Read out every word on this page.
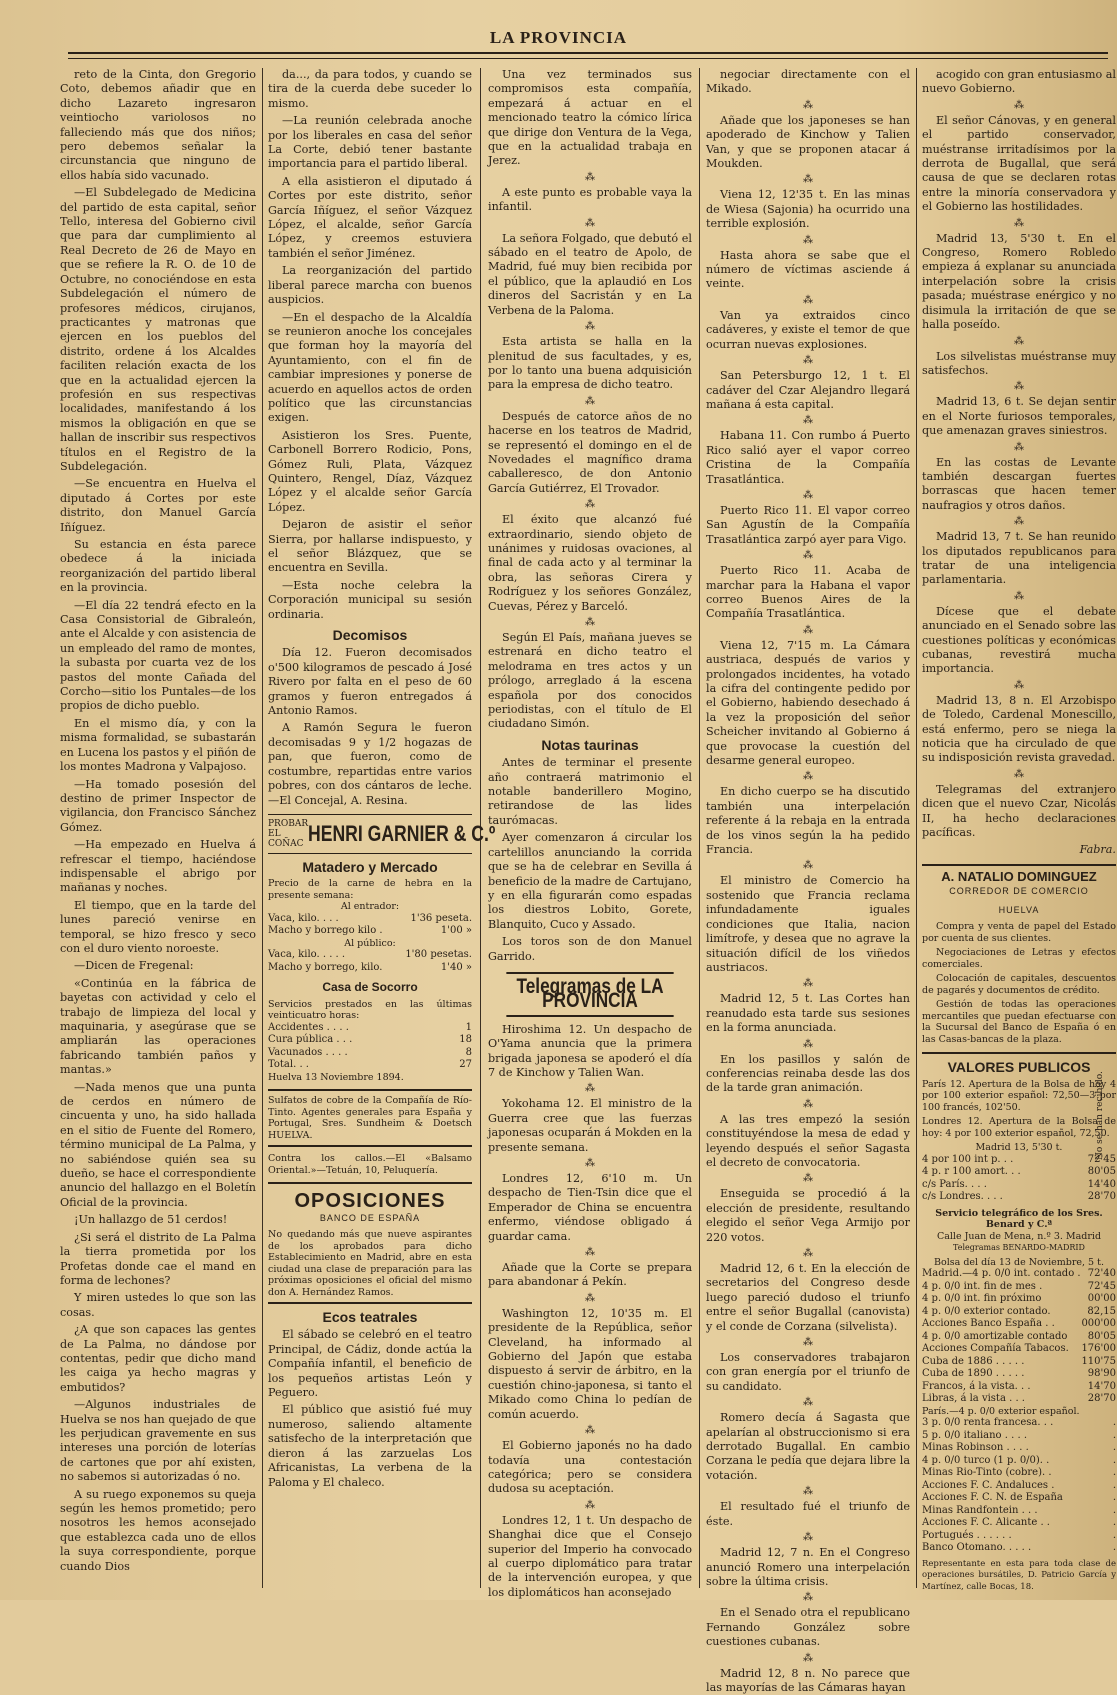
LA PROVINCIA

reto de la Cinta, don Gregorio Coto, debemos añadir que en dicho Lazareto ingresaron veintiocho variolosos no falleciendo más que dos niños; pero debemos señalar la circunstancia que ninguno de ellos había sido vacunado.

—El Subdelegado de Medicina del partido de esta capital, señor Tello, interesa del Gobierno civil que para dar cumplimiento al Real Decreto de 26 de Mayo en que se refiere la R. O. de 10 de Octubre, no conociéndose en esta Subdelegación el número de profesores médicos, cirujanos, practicantes y matronas que ejercen en los pueblos del distrito, ordene á los Alcaldes faciliten relación exacta de los que en la actualidad ejercen la profesión en sus respectivas localidades, manifestando á los mismos la obligación en que se hallan de inscribir sus respectivos títulos en el Registro de la Subdelegación.

—Se encuentra en Huelva el diputado á Cortes por este distrito, don Manuel García Iñíguez.

Su estancia en ésta parece obedece á la iniciada reorganización del partido liberal en la provincia.

—El día 22 tendrá efecto en la Casa Consistorial de Gibraleón, ante el Alcalde y con asistencia de un empleado del ramo de montes, la subasta por cuarta vez de los pastos del monte Cañada del Corcho—sitio los Puntales—de los propios de dicho pueblo.

En el mismo día, y con la misma formalidad, se subastarán en Lucena los pastos y el piñón de los montes Madrona y Valpajoso.

—Ha tomado posesión del destino de primer Inspector de vigilancia, don Francisco Sánchez Gómez.

—Ha empezado en Huelva á refrescar el tiempo, haciéndose indispensable el abrigo por mañanas y noches.

El tiempo, que en la tarde del lunes pareció venirse en temporal, se hizo fresco y seco con el duro viento noroeste.

—Dicen de Fregenal:

«Continúa en la fábrica de bayetas con actividad y celo el trabajo de limpieza del local y maquinaria, y asegúrase que se ampliarán las operaciones fabricando también paños y mantas.»

—Nada menos que una punta de cerdos en número de cincuenta y uno, ha sido hallada en el sitio de Fuente del Romero, término municipal de La Palma, y no sabiéndose quién sea su dueño, se hace el correspondiente anuncio del hallazgo en el Boletín Oficial de la provincia.

¡Un hallazgo de 51 cerdos!

¿Si será el distrito de La Palma la tierra prometida por los Profetas donde cae el mand en forma de lechones?

Y miren ustedes lo que son las cosas.

¿A que son capaces las gentes de La Palma, no dándose por contentas, pedir que dicho mand les caiga ya hecho magras y embutidos?

—Algunos industriales de Huelva se nos han quejado de que les perjudican gravemente en sus intereses una porción de loterías de cartones que por ahí existen, no sabemos si autorizadas ó no.

A su ruego exponemos su queja según les hemos prometido; pero nosotros les hemos aconsejado que establezca cada uno de ellos la suya correspondiente, porque cuando Dios

da..., da para todos, y cuando se tira de la cuerda debe suceder lo mismo.

—La reunión celebrada anoche por los liberales en casa del señor La Corte, debió tener bastante importancia para el partido liberal.

A ella asistieron el diputado á Cortes por este distrito, señor García Iñíguez, el señor Vázquez López, el alcalde, señor García López, y creemos estuviera también el señor Jiménez.

La reorganización del partido liberal parece marcha con buenos auspicios.

—En el despacho de la Alcaldía se reunieron anoche los concejales que forman hoy la mayoría del Ayuntamiento, con el fin de cambiar impresiones y ponerse de acuerdo en aquellos actos de orden político que las circunstancias exigen.

Asistieron los Sres. Puente, Carbonell Borrero Rodicio, Pons, Gómez Ruli, Plata, Vázquez Quintero, Rengel, Díaz, Vázquez López y el alcalde señor García López.

Dejaron de asistir el señor Sierra, por hallarse indispuesto, y el señor Blázquez, que se encuentra en Sevilla.

—Esta noche celebra la Corporación municipal su sesión ordinaria.

Decomisos

Día 12. Fueron decomisados o'500 kilogramos de pescado á José Rivero por falta en el peso de 60 gramos y fueron entregados á Antonio Ramos.

A Ramón Segura le fueron decomisadas 9 y 1/2 hogazas de pan, que fueron, como de costumbre, repartidas entre varios pobres, con dos cántaros de leche.—El Concejal, A. Resina.

PROBAR EL COÑAC HENRI GARNIER & C.º
Matadero y Mercado
Precio de la carne de hebra en la presente semana:
Al entrador:
Vaca, kilo. . . .	1'36 peseta.
Macho y borrego kilo .	1'00 »
Al público:
Vaca, kilo. . . . .	1'80 pesetas.
Macho y borrego, kilo.	1'40 »
Casa de Socorro
Servicios prestados en las últimas veinticuatro horas:
Accidentes . . . .	1
Cura pública . . .	18
Vacunados . . . .	8
Total. . .	27
Huelva 13 Noviembre 1894.
Sulfatos de cobre de la Compañía de Río-Tinto. Agentes generales para España y Portugal, Sres. Sundheim & Doetsch HUELVA.
Contra los callos.—El «Balsamo Oriental.»—Tetuán, 10, Peluquería.
OPOSICIONES
BANCO DE ESPAÑA
No quedando más que nueve aspirantes de los aprobados para dicho Establecimiento en Madrid, abre en esta ciudad una clase de preparación para las próximas oposiciones el oficial del mismo don A. Hernández Ramos.
Ecos teatrales

El sábado se celebró en el teatro Principal, de Cádiz, donde actúa la Compañía infantil, el beneficio de los pequeños artistas León y Peguero.

El público que asistió fué muy numeroso, saliendo altamente satisfecho de la interpretación que dieron á las zarzuelas Los Africanistas, La verbena de la Paloma y El chaleco.

Una vez terminados sus compromisos esta compañía, empezará á actuar en el mencionado teatro la cómico lírica que dirige don Ventura de la Vega, que en la actualidad trabaja en Jerez.

⁂

A este punto es probable vaya la infantil.

⁂

La señora Folgado, que debutó el sábado en el teatro de Apolo, de Madrid, fué muy bien recibida por el público, que la aplaudió en Los dineros del Sacristán y en La Verbena de la Paloma.

⁂

Esta artista se halla en la plenitud de sus facultades, y es, por lo tanto una buena adquisición para la empresa de dicho teatro.

⁂

Después de catorce años de no hacerse en los teatros de Madrid, se representó el domingo en el de Novedades el magnífico drama caballeresco, de don Antonio García Gutiérrez, El Trovador.

⁂

El éxito que alcanzó fué extraordinario, siendo objeto de unánimes y ruidosas ovaciones, al final de cada acto y al terminar la obra, las señoras Cirera y Rodríguez y los señores González, Cuevas, Pérez y Barceló.

⁂

Según El País, mañana jueves se estrenará en dicho teatro el melodrama en tres actos y un prólogo, arreglado á la escena española por dos conocidos periodistas, con el título de El ciudadano Simón.

Notas taurinas

Antes de terminar el presente año contraerá matrimonio el notable banderillero Mogino, retirandose de las lides taurómacas.

Ayer comenzaron á circular los cartelillos anunciando la corrida que se ha de celebrar en Sevilla á beneficio de la madre de Cartujano, y en ella figurarán como espadas los diestros Lobito, Gorete, Blanquito, Cuco y Assado.

Los toros son de don Manuel Garrido.

Telegramas de LA PROVINCIA

Hiroshima 12. Un despacho de O'Yama anuncia que la primera brigada japonesa se apoderó el día 7 de Kinchow y Talien Wan.

⁂

Yokohama 12. El ministro de la Guerra cree que las fuerzas japonesas ocuparán á Mokden en la presente semana.

⁂

Londres 12, 6'10 m. Un despacho de Tien-Tsin dice que el Emperador de China se encuentra enfermo, viéndose obligado á guardar cama.

⁂

Añade que la Corte se prepara para abandonar á Pekín.

⁂

Washington 12, 10'35 m. El presidente de la República, señor Cleveland, ha informado al Gobierno del Japón que estaba dispuesto á servir de árbitro, en la cuestión chino-japonesa, si tanto el Mikado como China lo pedían de común acuerdo.

⁂

El Gobierno japonés no ha dado todavía una contestación categórica; pero se considera dudosa su aceptación.

⁂

Londres 12, 1 t. Un despacho de Shanghai dice que el Consejo superior del Imperio ha convocado al cuerpo diplomático para tratar de la intervención europea, y que los diplomáticos han aconsejado

negociar directamente con el Mikado.

⁂

Añade que los japoneses se han apoderado de Kinchow y Talien Van, y que se proponen atacar á Moukden.

⁂

Viena 12, 12'35 t. En las minas de Wiesa (Sajonia) ha ocurrido una terrible explosión.

⁂

Hasta ahora se sabe que el número de víctimas asciende á veinte.

⁂

Van ya extraidos cinco cadáveres, y existe el temor de que ocurran nuevas explosiones.

⁂

San Petersburgo 12, 1 t. El cadáver del Czar Alejandro llegará mañana á esta capital.

⁂

Habana 11. Con rumbo á Puerto Rico salió ayer el vapor correo Cristina de la Compañía Trasatlántica.

⁂

Puerto Rico 11. El vapor correo San Agustín de la Compañía Trasatlántica zarpó ayer para Vigo.

⁂

Puerto Rico 11. Acaba de marchar para la Habana el vapor correo Buenos Aires de la Compañía Trasatlántica.

⁂

Viena 12, 7'15 m. La Cámara austriaca, después de varios y prolongados incidentes, ha votado la cifra del contingente pedido por el Gobierno, habiendo desechado á la vez la proposición del señor Scheicher invitando al Gobierno á que provocase la cuestión del desarme general europeo.

⁂

En dicho cuerpo se ha discutido también una interpelación referente á la rebaja en la entrada de los vinos según la ha pedido Francia.

⁂

El ministro de Comercio ha sostenido que Francia reclama infundadamente iguales condiciones que Italia, nacion limítrofe, y desea que no agrave la situación difícil de los viñedos austriacos.

⁂

Madrid 12, 5 t. Las Cortes han reanudado esta tarde sus sesiones en la forma anunciada.

⁂

En los pasillos y salón de conferencias reinaba desde las dos de la tarde gran animación.

⁂

A las tres empezó la sesión constituyéndose la mesa de edad y leyendo después el señor Sagasta el decreto de convocatoria.

⁂

Enseguida se procedió á la elección de presidente, resultando elegido el señor Vega Armijo por 220 votos.

⁂

Madrid 12, 6 t. En la elección de secretarios del Congreso desde luego pareció dudoso el triunfo entre el señor Bugallal (canovista) y el conde de Corzana (silvelista).

⁂

Los conservadores trabajaron con gran energía por el triunfo de su candidato.

⁂

Romero decía á Sagasta que apelarían al obstruccionismo si era derrotado Bugallal. En cambio Corzana le pedía que dejara libre la votación.

⁂

El resultado fué el triunfo de éste.

⁂

Madrid 12, 7 n. En el Congreso anunció Romero una interpelación sobre la última crisis.

⁂

En el Senado otra el republicano Fernando González sobre cuestiones cubanas.

⁂

Madrid 12, 8 n. No parece que las mayorías de las Cámaras hayan

acogido con gran entusiasmo al nuevo Gobierno.

⁂

El señor Cánovas, y en general el partido conservador, muéstranse irritadísimos por la derrota de Bugallal, que será causa de que se declaren rotas entre la minoría conservadora y el Gobierno las hostilidades.

⁂

Madrid 13, 5'30 t. En el Congreso, Romero Robledo empieza á explanar su anunciada interpelación sobre la crisis pasada; muéstrase enérgico y no disimula la irritación de que se halla poseído.

⁂

Los silvelistas muéstranse muy satisfechos.

⁂

Madrid 13, 6 t. Se dejan sentir en el Norte furiosos temporales, que amenazan graves siniestros.

⁂

En las costas de Levante también descargan fuertes borrascas que hacen temer naufragios y otros daños.

⁂

Madrid 13, 7 t. Se han reunido los diputados republicanos para tratar de una inteligencia parlamentaria.

⁂

Dícese que el debate anunciado en el Senado sobre las cuestiones políticas y económicas cubanas, revestirá mucha importancia.

⁂

Madrid 13, 8 n. El Arzobispo de Toledo, Cardenal Monescillo, está enfermo, pero se niega la noticia que ha circulado de que su indisposición revista gravedad.

⁂

Telegramas del extranjero dicen que el nuevo Czar, Nicolás II, ha hecho declaraciones pacíficas.

Fabra.
A. NATALIO DOMINGUEZ
CORREDOR DE COMERCIO
HUELVA

Compra y venta de papel del Estado por cuenta de sus clientes.

Negociaciones de Letras y efectos comerciales.

Colocación de capitales, descuentos de pagarés y documentos de crédito.

Gestión de todas las operaciones mercantiles que puedan efectuarse con la Sucursal del Banco de España ó en las Casas-bancas de la plaza.

VALORES PUBLICOS
París 12. Apertura de la Bolsa de hoy 4 por 100 exterior español: 72,50—3 por 100 francés, 102'50.
Londres 12. Apertura de la Bolsa de hoy: 4 por 100 exterior español, 72,50.
Madrid 13, 5'30 t.
4 por 100 int p. . .	72'45
4 p. r 100 amort. . .	80'05
c/s París. . . .	14'40
c/s Londres. . . .	28'70
Servicio telegráfico de los Sres. Benard y C.ª
Calle Juan de Mena, n.º 3. Madrid
Telegramas BENARDO-MADRID
Bolsa del día 13 de Noviembre, 5 t.
Madrid.—4 p. 0/0 int. contado .	72'40
4 p. 0/0 int. fin de mes .	72'45
4 p. 0/0 int. fin próximo	00'00
4 p. 0/0 exterior contado.	82,15
Acciones Banco España . .	000'00
4 p. 0/0 amortizable contado	80'05
Acciones Compañía Tabacos.	176'00
Cuba de 1886 . . . . .	110'75
Cuba de 1890 . . . . .	98'90
Francos, á la vista. . .	14'70
Libras, á la vista . . .	28'70
París.—4 p. 0/0 exterior español.
3 p. 0/0 renta francesa. . .	.
5 p. 0/0 italiano . . . .	.
Minas Robinson . . . .	.
4 p. 0/0 turco (1 p. 0/0). .	.
Minas Rio-Tinto (cobre). .	.
Acciones F. C. Andaluces .	.
Acciones F. C. N. de España	.
Minas Randfontein . . .	.
Acciones F. C. Alicante . .	.
Portugués . . . . . .	.
Banco Otomano. . . . .	.
Representante en esta para toda clase de operaciones bursátiles, D. Patricio García y Martínez, calle Bocas, 18.
No se han recibido.
